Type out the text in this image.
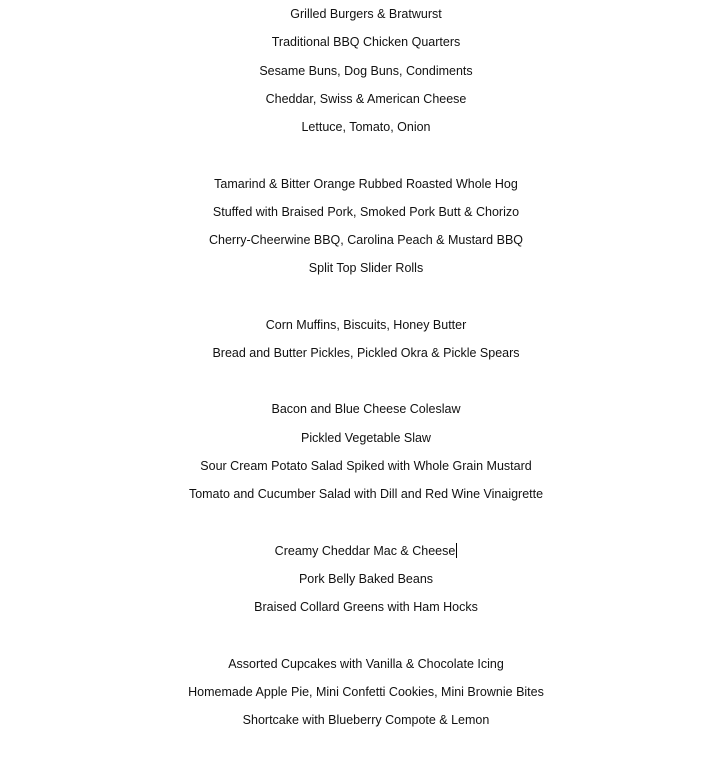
Grilled Burgers & Bratwurst
Traditional BBQ Chicken Quarters
Sesame Buns, Dog Buns, Condiments
Cheddar, Swiss & American Cheese
Lettuce, Tomato, Onion
Tamarind & Bitter Orange Rubbed Roasted Whole Hog
Stuffed with Braised Pork, Smoked Pork Butt & Chorizo
Cherry-Cheerwine BBQ, Carolina Peach & Mustard BBQ
Split Top Slider Rolls
Corn Muffins, Biscuits, Honey Butter
Bread and Butter Pickles, Pickled Okra & Pickle Spears
Bacon and Blue Cheese Coleslaw
Pickled Vegetable Slaw
Sour Cream Potato Salad Spiked with Whole Grain Mustard
Tomato and Cucumber Salad with Dill and Red Wine Vinaigrette
Creamy Cheddar Mac & Cheese
Pork Belly Baked Beans
Braised Collard Greens with Ham Hocks
Assorted Cupcakes with Vanilla & Chocolate Icing
Homemade Apple Pie, Mini Confetti Cookies, Mini Brownie Bites
Shortcake with Blueberry Compote & Lemon
